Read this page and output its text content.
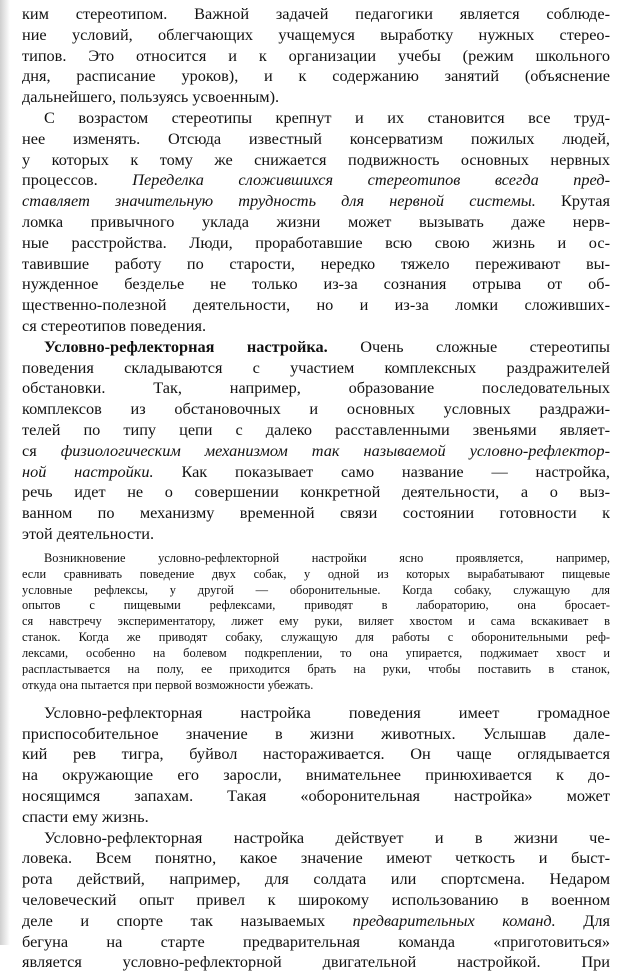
ким стереотипом. Важной задачей педагогики является соблюде-
ние условий, облегчающих учащемуся выработку нужных стерео-
типов. Это относится и к организации учебы (режим школьного
дня, расписание уроков), и к содержанию занятий (объяснение
дальнейшего, пользуясь усвоенным).
С возрастом стереотипы крепнут и их становится все труд-
нее изменять. Отсюда известный консерватизм пожилых людей,
у которых к тому же снижается подвижность основных нервных
процессов. Переделка сложившихся стереотипов всегда пред-
ставляет значительную трудность для нервной системы. Крутая
ломка привычного уклада жизни может вызывать даже нерв-
ные расстройства. Люди, проработавшие всю свою жизнь и ос-
тавившие работу по старости, нередко тяжело переживают вы-
нужденное безделье не только из-за сознания отрыва от об-
щественно-полезной деятельности, но и из-за ломки сложивших-
ся стереотипов поведения.
Условно-рефлекторная настройка. Очень сложные стереотипы
поведения складываются с участием комплексных раздражителей
обстановки. Так, например, образование последовательных
комплексов из обстановочных и основных условных раздражи-
телей по типу цепи с далеко расставленными звеньями являет-
ся физиологическим механизмом так называемой условно-рефлектор-
ной настройки. Как показывает само название — настройка,
речь идет не о совершении конкретной деятельности, а о выз-
ванном по механизму временной связи состоянии готовности к
этой деятельности.
Возникновение условно-рефлекторной настройки ясно проявляется, например,
если сравнивать поведение двух собак, у одной из которых вырабатывают пищевые
условные рефлексы, у другой — оборонительные. Когда собаку, служащую для
опытов с пищевыми рефлексами, приводят в лабораторию, она бросает-
ся навстречу экспериментатору, лижет ему руки, виляет хвостом и сама вскакивает в
станок. Когда же приводят собаку, служащую для работы с оборонительными реф-
лексами, особенно на болевом подкреплении, то она упирается, поджимает хвост и
распластывается на полу, ее приходится брать на руки, чтобы поставить в станок,
откуда она пытается при первой возможности убежать.
Условно-рефлекторная настройка поведения имеет громадное
приспособительное значение в жизни животных. Услышав дале-
кий рев тигра, буйвол настораживается. Он чаще оглядывается
на окружающие его заросли, внимательнее принюхивается к до-
носящимся запахам. Такая «оборонительная настройка» может
спасти ему жизнь.
Условно-рефлекторная настройка действует и в жизни че-
ловека. Всем понятно, какое значение имеют четкость и быст-
рота действий, например, для солдата или спортсмена. Недаром
человеческий опыт привел к широкому использованию в военном
деле и спорте так называемых предварительных команд. Для
бегуна на старте предварительная команда «приготовиться»
является условно-рефлекторной двигательной настройкой. При
